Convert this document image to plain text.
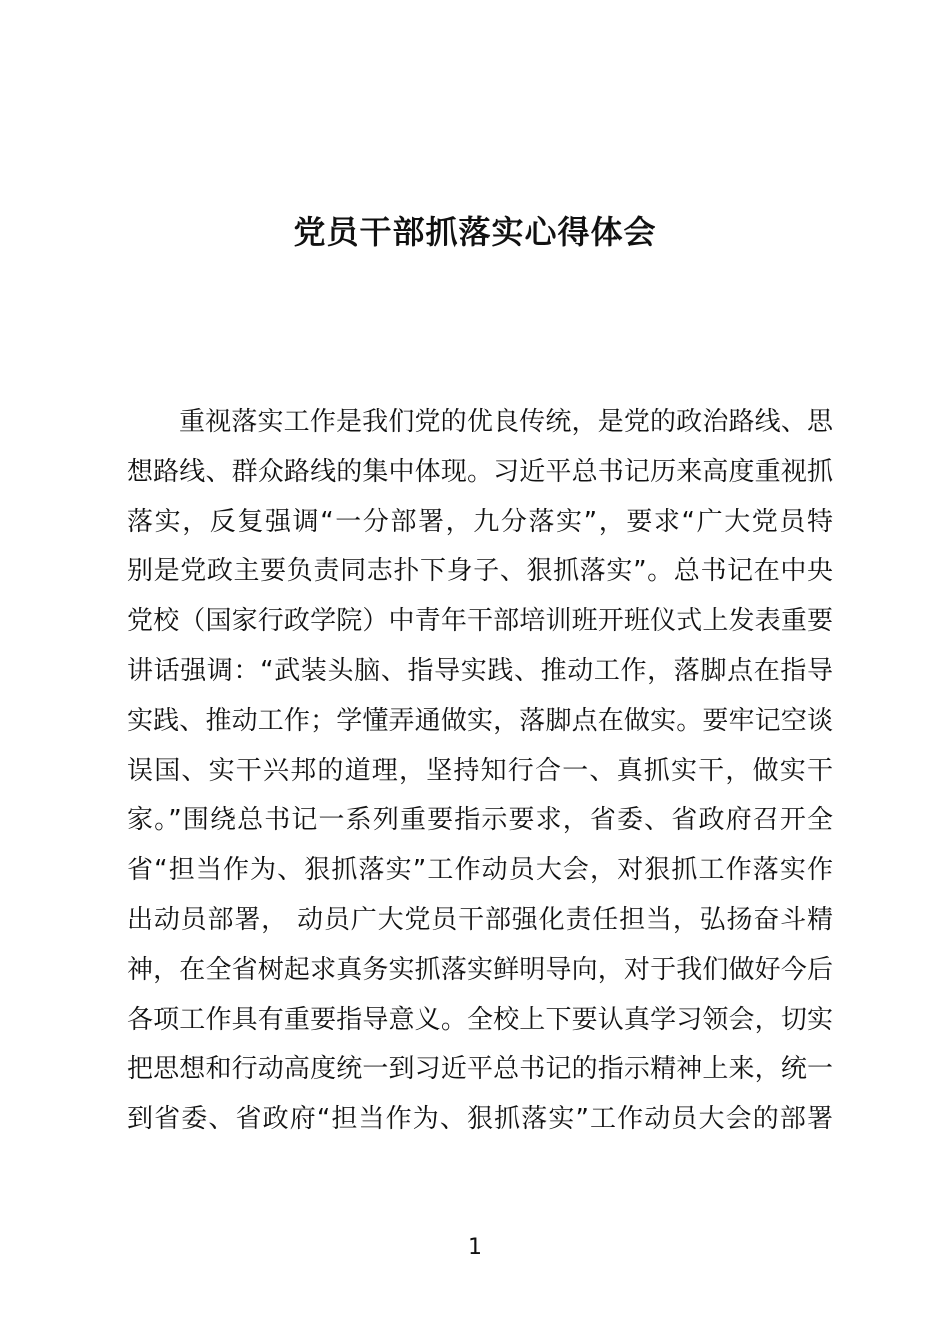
党员干部抓落实心得体会
重视落实工作是我们党的优良传统，是党的政治路线、思
想路线、群众路线的集中体现。习近平总书记历来高度重视抓
落实，反复强调“一分部署，九分落实”，要求“广大党员特
别是党政主要负责同志扑下身子、狠抓落实”。总书记在中央
党校（国家行政学院）中青年干部培训班开班仪式上发表重要
讲话强调：“武装头脑、指导实践、推动工作，落脚点在指导
实践、推动工作；学懂弄通做实，落脚点在做实。要牢记空谈
误国、实干兴邦的道理，坚持知行合一、真抓实干，做实干
家。”围绕总书记一系列重要指示要求，省委、省政府召开全
省“担当作为、狠抓落实”工作动员大会，对狠抓工作落实作
出动员部署， 动员广大党员干部强化责任担当，弘扬奋斗精
神，在全省树起求真务实抓落实鲜明导向，对于我们做好今后
各项工作具有重要指导意义。全校上下要认真学习领会，切实
把思想和行动高度统一到习近平总书记的指示精神上来，统一
到省委、省政府“担当作为、狠抓落实”工作动员大会的部署
1
